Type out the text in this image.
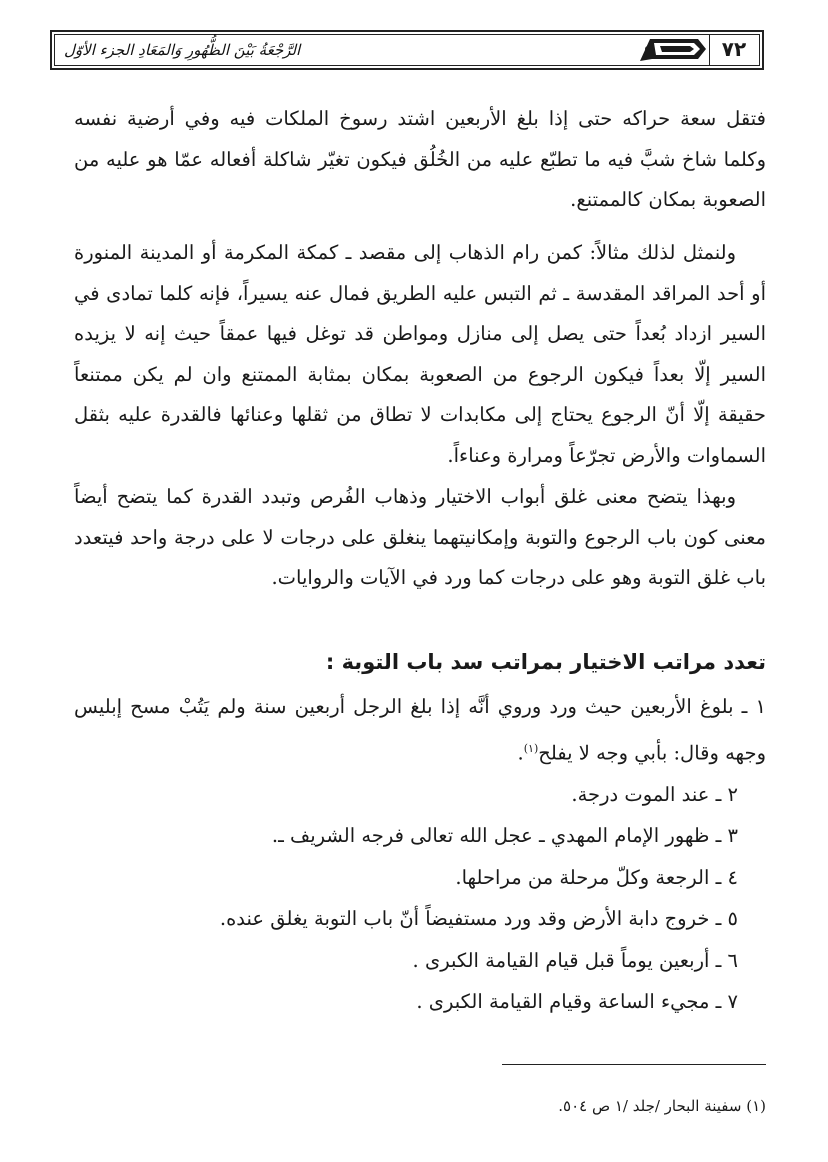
٧٢
الرَّجْعَةُ بَيْنَ الظُّهُورِ وَالمَعَادِ الجزء الأوّل

فتقل سعة حراكه حتى إذا بلغ الأربعين اشتد رسوخ الملكات فيه وفي أرضية نفسه وكلما شاخ شبَّ فيه ما تطبّع عليه من الخُلُق فيكون تغيّر شاكلة أفعاله عمّا هو عليه من الصعوبة بمكان كالممتنع.

ولنمثل لذلك مثالاً: كمن رام الذهاب إلى مقصد ـ كمكة المكرمة أو المدينة المنورة أو أحد المراقد المقدسة ـ ثم التبس عليه الطريق فمال عنه يسيراً، فإنه كلما تمادى في السير ازداد بُعداً حتى يصل إلى منازل ومواطن قد توغل فيها عمقاً حيث إنه لا يزيده السير إلّا بعداً فيكون الرجوع من الصعوبة بمكان بمثابة الممتنع وان لم يكن ممتنعاً حقيقة إلّا أنّ الرجوع يحتاج إلى مكابدات لا تطاق من ثقلها وعنائها فالقدرة عليه بثقل السماوات والأرض تجرّعاً ومرارة وعناءاً.

وبهذا يتضح معنى غلق أبواب الاختيار وذهاب الفُرص وتبدد القدرة كما يتضح أيضاً معنى كون باب الرجوع والتوبة وإمكانيتهما ينغلق على درجات لا على درجة واحد فيتعدد باب غلق التوبة وهو على درجات كما ورد في الآيات والروايات.

تعدد مراتب الاختيار بمراتب سد باب التوبة :
١ ـ بلوغ الأربعين حيث ورد وروي أنَّه إذا بلغ الرجل أربعين سنة ولم يَتُبْ مسح إبليس وجهه وقال: بأبي وجه لا يفلح$^{(١)}$.
٢ ـ عند الموت درجة.
٣ ـ ظهور الإمام المهدي ـ عجل الله تعالى فرجه الشريف ـ.
٤ ـ الرجعة وكلّ مرحلة من مراحلها.
٥ ـ خروج دابة الأرض وقد ورد مستفيضاً أنّ باب التوبة يغلق عنده.
٦ ـ أربعين يوماً قبل قيام القيامة الكبرى .
٧ ـ مجيء الساعة وقيام القيامة الكبرى .
(١) سفينة البحار /جلد /١ ص ٥٠٤.
